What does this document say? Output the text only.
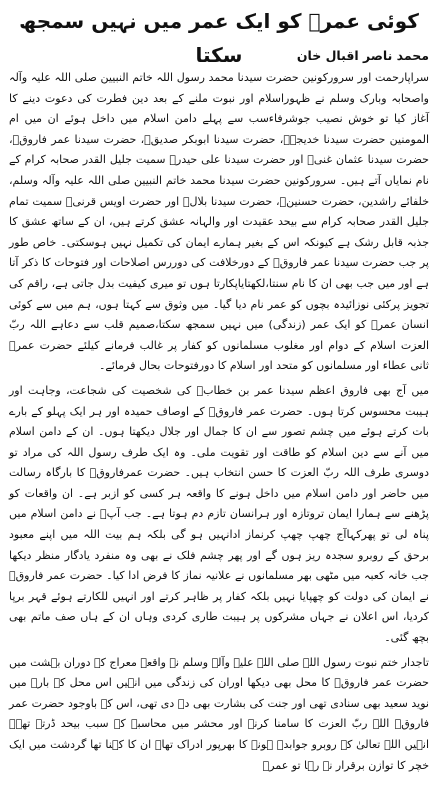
کوئی عمرؓ کو ایک عمر میں نہیں سمجھ سکتا	محمد ناصر اقبال خان

سراپارحمت اور سرورکونین حضرت سیدنا محمد رسول اللہ خاتم النبیین صلی اللہ علیہ وآلہ واصحابہ وبارک وسلم نے ظہوراسلام اور نبوت ملنے کے بعد دین فطرت کی دعوت دینے کا آغاز کیا تو خوش نصیب جوشرفاءسب سے پہلے دامن اسلام میں داخل ہوئے ان میں ام المومنین حضرت سیدنا خدیجہؓ، حضرت سیدنا ابوبکر صدیقؓ، حضرت سیدنا عمر فاروقؓ، حضرت سیدنا عثمان غنیؓ اور حضرت سیدنا علی حیدرؓ سمیت جلیل القدر صحابہ کرام کے نام نمایاں آتے ہیں۔ سرورکونین حضرت سیدنا محمد خاتم النبیین صلی اللہ علیہ وآلہ وسلم، خلفائے راشدین، حضرت حسنینؓ، حضرت سیدنا بلالؓ اور حضرت اویس قرنیؓ سمیت تمام جلیل القدر صحابہ کرام سے بیحد عقیدت اور والہانہ عشق کرتے ہیں، ان کے ساتھ عشق کا جذبہ قابل رشک ہے کیونکہ اس کے بغیر ہمارے ایمان کی تکمیل نہیں ہوسکتی۔ خاص طور پر جب حضرت سیدنا عمر فاروقؓ کے دورخلافت کی دوررس اصلاحات اور فتوحات کا ذکر آتا ہے اور میں جب بھی ان کا نام سنتا،لکھتایاپکارتا ہوں تو میری کیفیت بدل جاتی ہے، راقم کی تجویز پرکئی نوزائیدہ بچوں کو عمر نام دیا گیا۔ میں وثوق سے کہتا ہوں، ہم میں سے کوئی انسان عمرؓ کو ایک عمر (زندگی) میں نہیں سمجھ سکتا،صمیم قلب سے دعاہے اللہ ربّ العزت اسلام کے دوام اور مغلوب مسلمانوں کو کفار پر غالب فرمانے کیلئے حضرت عمرؓ ثانی عطاء اور مسلمانوں کو متحد اور اسلام کا دورفتوحات بحال فرمائے۔

میں آج بھی فاروق اعظم سیدنا عمر بن خطابؓ کی شخصیت کی شجاعت، وجاہت اور ہیبت محسوس کرتا ہوں۔ حضرت عمر فاروقؓ کے اوصاف حمیدہ اور ہر ایک پہلو کے بارے بات کرتے ہوئے میں چشم تصور سے ان کا جمال اور جلال دیکھتا ہوں۔ ان کے دامن اسلام میں آنے سے دین اسلام کو طاقت اور تقویت ملی۔ وہ ایک طرف رسول اللہ کی مراد تو دوسری طرف اللہ ربّ العزت کا حسن انتخاب ہیں۔ حضرت عمرفاروقؓ کا بارگاہ رسالت میں حاضر اور دامن اسلام میں داخل ہونے کا واقعہ ہر کسی کو ازبر ہے۔ ان واقعات کو پڑھنے سے ہمارا ایمان تروتازہ اور ہرانسان تازم دم ہوتا ہے۔ جب آپؓ نے دامن اسلام میں پناہ لی تو پھرکہاآج چھپ چھپ کرنماز ادانہیں ہو گی بلکہ ہم بیت اللہ میں اپنے معبود برحق کے روبرو سجدہ ریز ہوں گے اور پھر چشم فلک نے بھی وہ منفرد یادگار منظر دیکھا جب خانہ کعبہ میں مٹھی بھر مسلمانوں نے علانیہ نماز کا فرض ادا کیا۔ حضرت عمر فاروقؓ نے ایمان کی دولت کو چھپایا نہیں بلکہ کفار پر ظاہر کرتے اور انہیں للکارتے ہوئے قہر برپا کردیا، اس اعلان نے جہاں مشرکوں پر ہیبت طاری کردی وہاں ان کے ہاں صف ماتم بھی بچھ گئی۔

تاجدار ختم نبوت رسول اللہ صلی اللہ علیہ وآلہ وسلم نے واقعہ معراج کے دوران بہشت میں حضرت عمر فاروقؓ کا محل بھی دیکھا اوران کی زندگی میں انہیں اس محل کے بارے میں نوید سعید بھی سنادی تھی اور جنت کی بشارت بھی دے دی تھی، اس کے باوجود حضرت عمر فاروقؓ اللہ ربّ العزت کا سامنا کرنے اور محشر میں محاسبہ کے سبب بیحد ڈرتے تھے۔ انہیں اللہ تعالیٰ کے روبرو جوابدہ ہونے کا بھرپور ادراک تھا۔ ان کا کہنا تھا گردشت میں ایک خچر کا توازن برقرار نہ رہا تو عمرؓ
